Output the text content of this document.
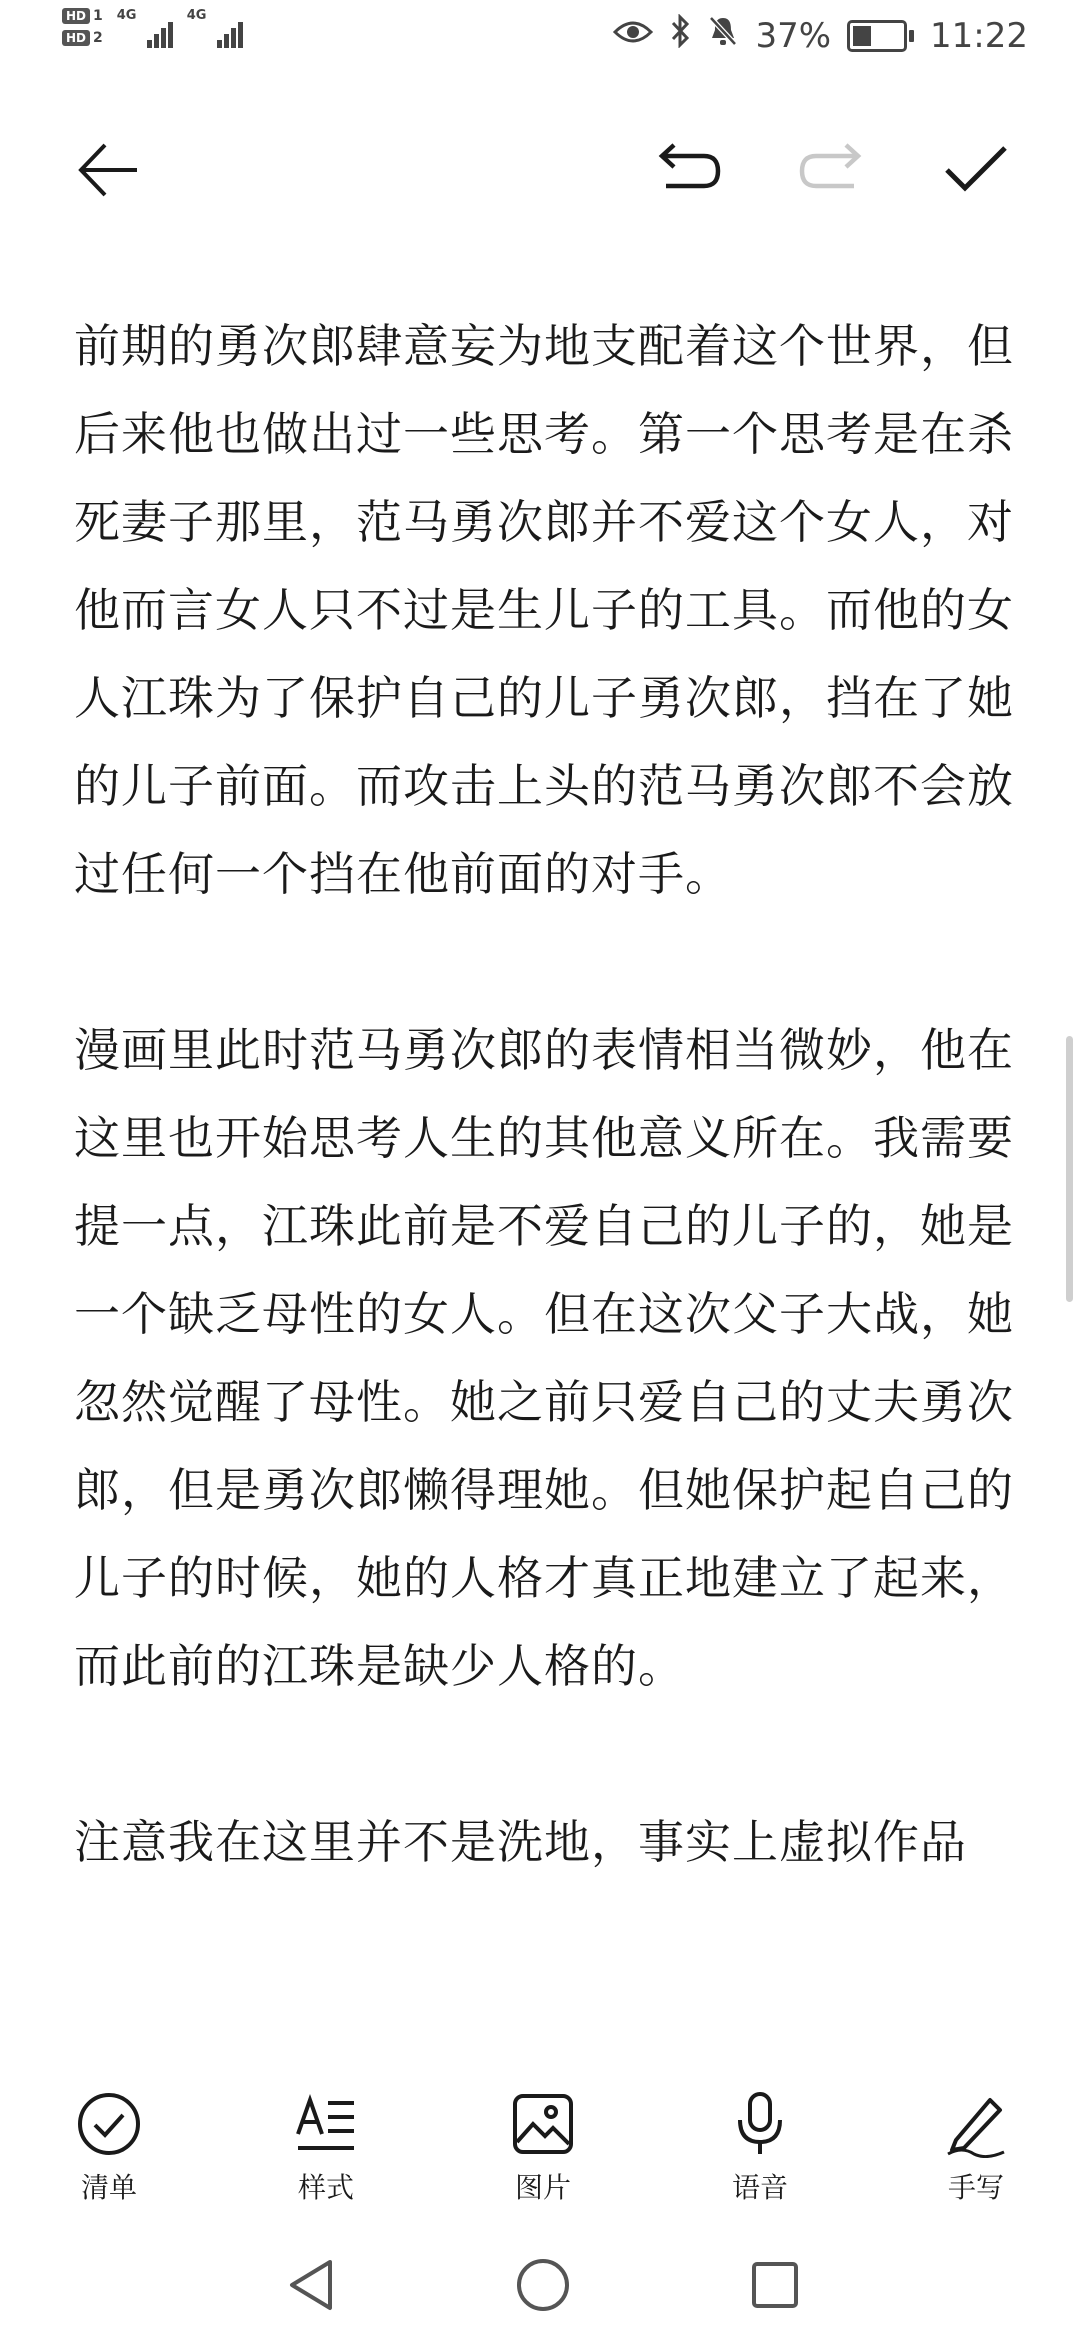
HD 1
HD 2
4G	4G	37%	11:22

前期的勇次郎肆意妄为地支配着这个世界，但后来他也做出过一些思考。第一个思考是在杀死妻子那里，范马勇次郎并不爱这个女人，对他而言女人只不过是生儿子的工具。而他的女人江珠为了保护自己的儿子勇次郎，挡在了她的儿子前面。而攻击上头的范马勇次郎不会放过任何一个挡在他前面的对手。

漫画里此时范马勇次郎的表情相当微妙，他在这里也开始思考人生的其他意义所在。我需要提一点，江珠此前是不爱自己的儿子的，她是一个缺乏母性的女人。但在这次父子大战，她忽然觉醒了母性。她之前只爱自己的丈夫勇次郎，但是勇次郎懒得理她。但她保护起自己的儿子的时候，她的人格才真正地建立了起来，而此前的江珠是缺少人格的。

注意我在这里并不是洗地，事实上虚拟作品

清单	样式	图片	语音	手写
